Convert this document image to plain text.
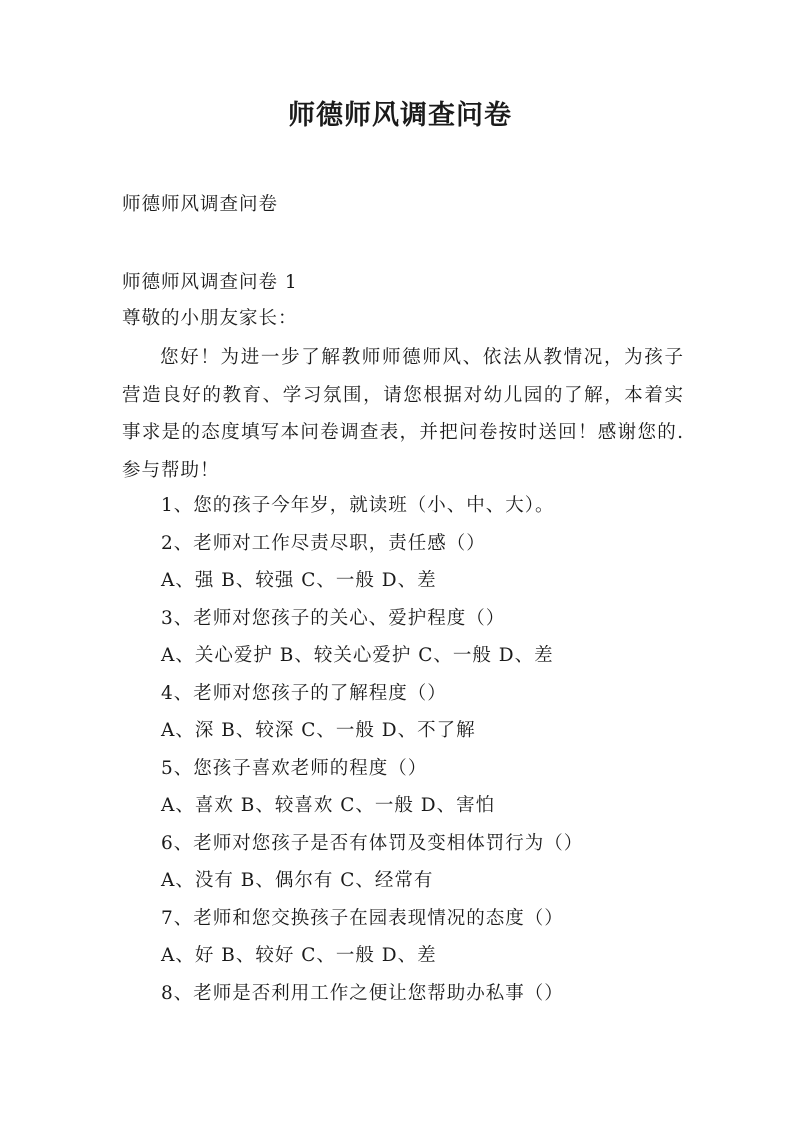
师德师风调查问卷
师德师风调查问卷
师德师风调查问卷 1
尊敬的小朋友家长：
您好！为进一步了解教师师德师风、依法从教情况，为孩子营造良好的教育、学习氛围，请您根据对幼儿园的了解，本着实事求是的态度填写本问卷调查表，并把问卷按时送回！感谢您的.参与帮助！
1、您的孩子今年岁，就读班（小、中、大）。
2、老师对工作尽责尽职，责任感（）
A、强 B、较强 C、一般 D、差
3、老师对您孩子的关心、爱护程度（）
A、关心爱护 B、较关心爱护 C、一般 D、差
4、老师对您孩子的了解程度（）
A、深 B、较深 C、一般 D、不了解
5、您孩子喜欢老师的程度（）
A、喜欢 B、较喜欢 C、一般 D、害怕
6、老师对您孩子是否有体罚及变相体罚行为（）
A、没有 B、偶尔有 C、经常有
7、老师和您交换孩子在园表现情况的态度（）
A、好 B、较好 C、一般 D、差
8、老师是否利用工作之便让您帮助办私事（）
